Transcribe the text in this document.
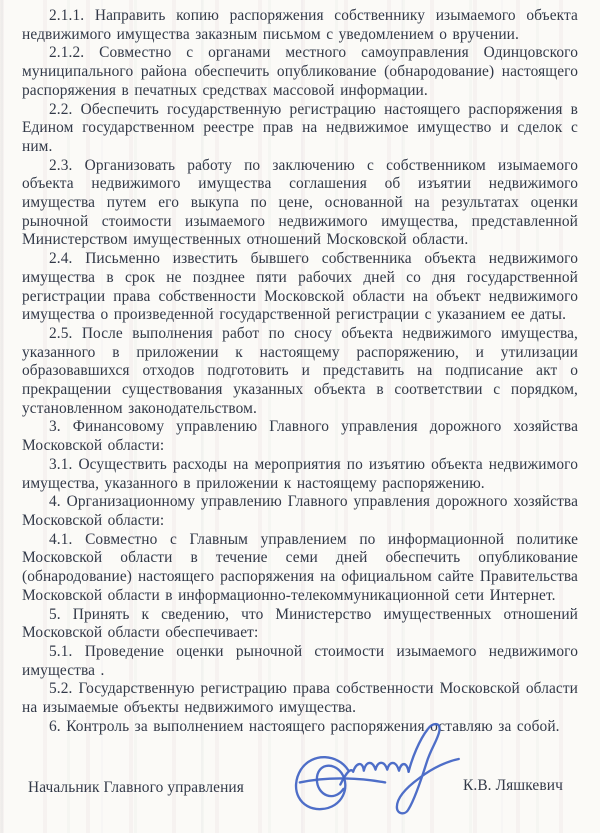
2.1.1. Направить копию распоряжения собственнику изымаемого объекта недвижимого имущества заказным письмом с уведомлением о вручении.

2.1.2. Совместно с органами местного самоуправления Одинцовского муниципального района обеспечить опубликование (обнародование) настоящего распоряжения в печатных средствах массовой информации.

2.2. Обеспечить государственную регистрацию настоящего распоряжения в Едином государственном реестре прав на недвижимое имущество и сделок с ним.

2.3. Организовать работу по заключению с собственником изымаемого объекта недвижимого имущества соглашения об изъятии недвижимого имущества путем его выкупа по цене, основанной на результатах оценки рыночной стоимости изымаемого недвижимого имущества, представленной Министерством имущественных отношений Московской области.

2.4. Письменно известить бывшего собственника объекта недвижимого имущества в срок не позднее пяти рабочих дней со дня государственной регистрации права собственности Московской области на объект недвижимого имущества о произведенной государственной регистрации с указанием ее даты.

2.5. После выполнения работ по сносу объекта недвижимого имущества, указанного в приложении к настоящему распоряжению, и утилизации образовавшихся отходов подготовить и представить на подписание акт о прекращении существования указанных объекта в соответствии с порядком, установленном законодательством.

3. Финансовому управлению Главного управления дорожного хозяйства Московской области:

3.1. Осуществить расходы на мероприятия по изъятию объекта недвижимого имущества, указанного в приложении к настоящему распоряжению.

4. Организационному управлению Главного управления дорожного хозяйства Московской области:

4.1. Совместно с Главным управлением по информационной политике Московской области в течение семи дней обеспечить опубликование (обнародование) настоящего распоряжения на официальном сайте Правительства Московской области в информационно-телекоммуникационной сети Интернет.

5. Принять к сведению, что Министерство имущественных отношений Московской области обеспечивает:

5.1. Проведение оценки рыночной стоимости изымаемого недвижимого имущества .

5.2. Государственную регистрацию права собственности Московской области на изымаемые объекты недвижимого имущества.

6. Контроль за выполнением настоящего распоряжения оставляю за собой.

Начальник Главного управления	К.В. Ляшкевич
